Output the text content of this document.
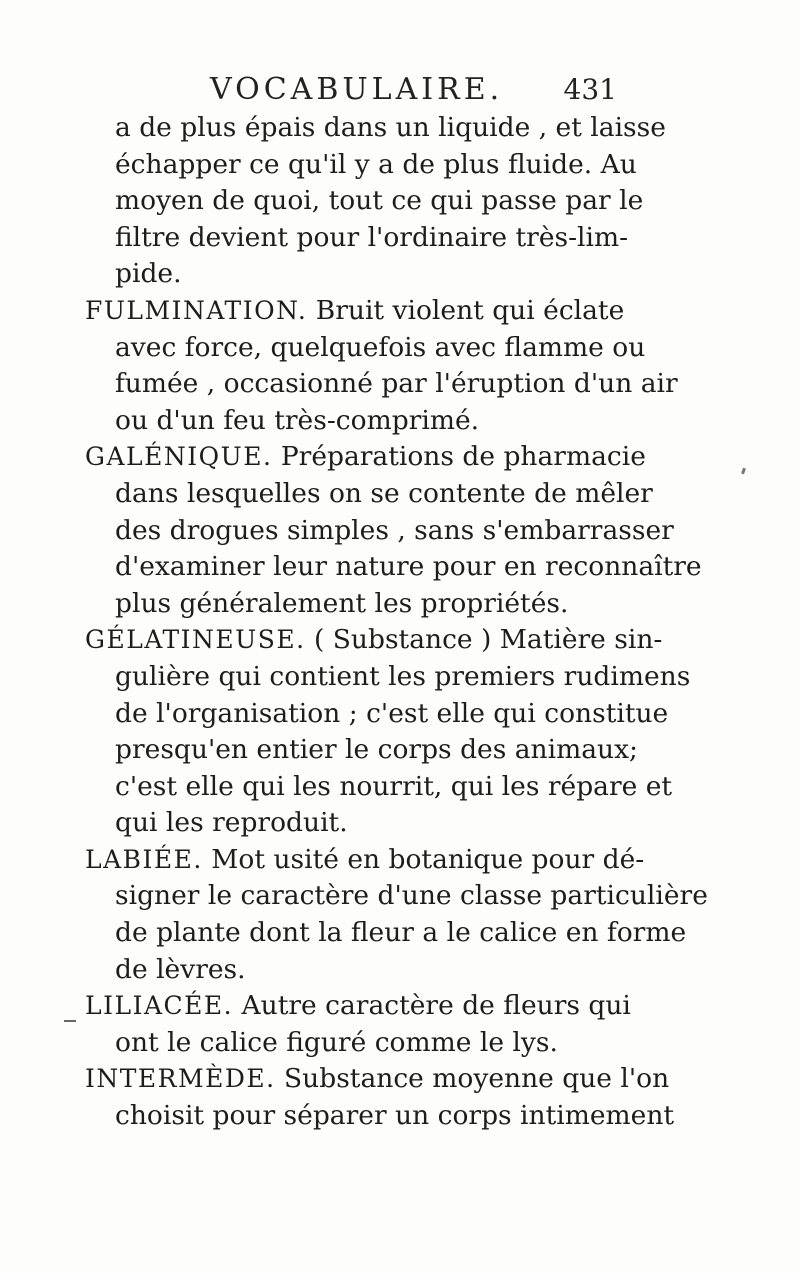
VOCABULAIRE. 431
a de plus épais dans un liquide , et laisse
échapper ce qu'il y a de plus fluide. Au
moyen de quoi, tout ce qui passe par le
filtre devient pour l'ordinaire très-lim-
pide.
FULMINATION. Bruit violent qui éclate
avec force, quelquefois avec flamme ou
fumée , occasionné par l'éruption d'un air
ou d'un feu très-comprimé.
GALÉNIQUE. Préparations de pharmacie
dans lesquelles on se contente de mêler
des drogues simples , sans s'embarrasser
d'examiner leur nature pour en reconnaître
plus généralement les propriétés.
GÉLATINEUSE. ( Substance ) Matière sin-
gulière qui contient les premiers rudimens
de l'organisation ; c'est elle qui constitue
presqu'en entier le corps des animaux;
c'est elle qui les nourrit, qui les répare et
qui les reproduit.
LABIÉE. Mot usité en botanique pour dé-
signer le caractère d'une classe particulière
de plante dont la fleur a le calice en forme
de lèvres.
LILIACÉE. Autre caractère de fleurs qui
ont le calice figuré comme le lys.
INTERMÈDE. Substance moyenne que l'on
choisit pour séparer un corps intimement
